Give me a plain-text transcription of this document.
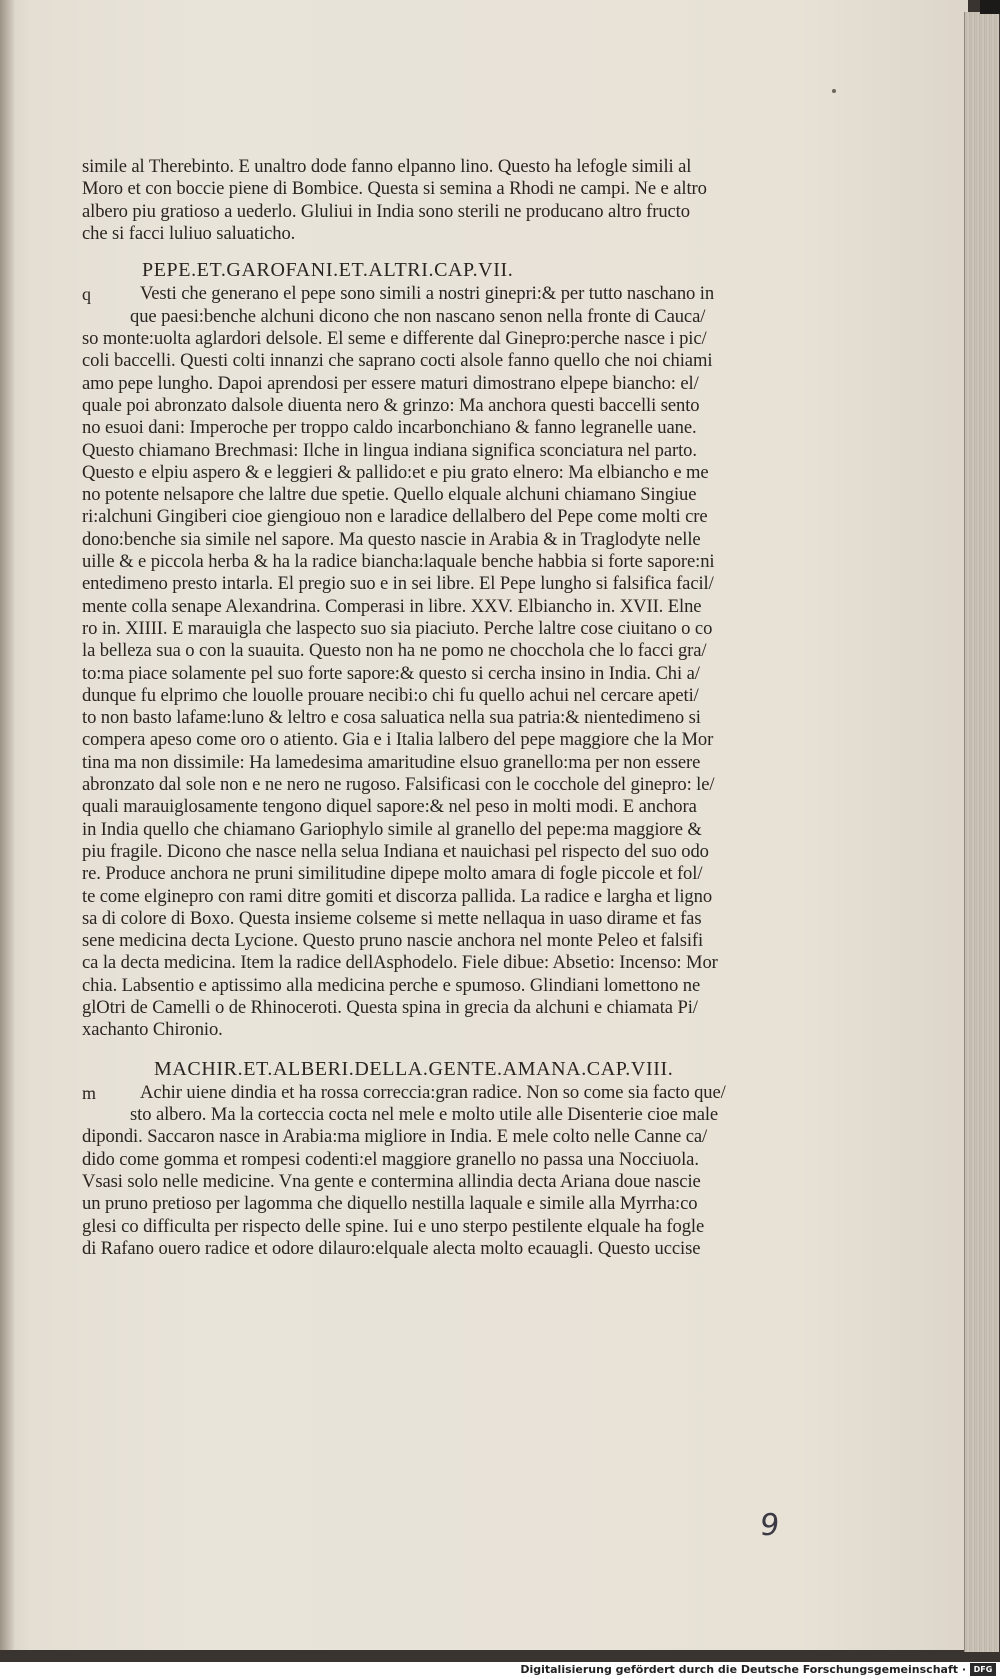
simile al Therebinto. E unaltro dode fanno elpanno lino. Questo ha lefogle simili al
Moro et con boccie piene di Bombice. Questa si semina a Rhodi ne campi. Ne e altro
albero piu gratioso a uederlo. Gluliui in India sono sterili ne producano altro fructo
che si facci luliuo saluaticho.
PEPE.ET.GAROFANI.ET.ALTRI.CAP.VII.
q	Vesti che generano el pepe sono simili a nostri ginepri:& per tutto naschano in
que paesi:benche alchuni dicono che non nascano senon nella fronte di Cauca/
so monte:uolta aglardori delsole. El seme e differente dal Ginepro:perche nasce i pic/
coli baccelli. Questi colti innanzi che saprano cocti alsole fanno quello che noi chiami
amo pepe lungho. Dapoi aprendosi per essere maturi dimostrano elpepe biancho: el/
quale poi abronzato dalsole diuenta nero & grinzo: Ma anchora questi baccelli sento
no esuoi dani: Imperoche per troppo caldo incarbonchiano & fanno legranelle uane.
Questo chiamano Brechmasi: Ilche in lingua indiana significa sconciatura nel parto.
Questo e elpiu aspero & e leggieri & pallido:et e piu grato elnero: Ma elbiancho e me
no potente nelsapore che laltre due spetie. Quello elquale alchuni chiamano Singiue
ri:alchuni Gingiberi cioe giengiouo non e laradice dellalbero del Pepe come molti cre
dono:benche sia simile nel sapore. Ma questo nascie in Arabia & in Traglodyte nelle
uille & e piccola herba & ha la radice biancha:laquale benche habbia si forte sapore:ni
entedimeno presto intarla. El pregio suo e in sei libre. El Pepe lungho si falsifica facil/
mente colla senape Alexandrina. Comperasi in libre. XXV. Elbiancho in. XVII. Elne
ro in. XIIII. E marauigla che laspecto suo sia piaciuto. Perche laltre cose ciuitano o co
la belleza sua o con la suauita. Questo non ha ne pomo ne chocchola che lo facci gra/
to:ma piace solamente pel suo forte sapore:& questo si cercha insino in India. Chi a/
dunque fu elprimo che louolle prouare necibi:o chi fu quello achui nel cercare apeti/
to non basto lafame:luno & leltro e cosa saluatica nella sua patria:& nientedimeno si
compera apeso come oro o atiento. Gia e i Italia lalbero del pepe maggiore che la Mor
tina ma non dissimile: Ha lamedesima amaritudine elsuo granello:ma per non essere
abronzato dal sole non e ne nero ne rugoso. Falsificasi con le cocchole del ginepro: le/
quali marauiglosamente tengono diquel sapore:& nel peso in molti modi. E anchora
in India quello che chiamano Gariophylo simile al granello del pepe:ma maggiore &
piu fragile. Dicono che nasce nella selua Indiana et nauichasi pel rispecto del suo odo
re. Produce anchora ne pruni similitudine dipepe molto amara di fogle piccole et fol/
te come elginepro con rami ditre gomiti et discorza pallida. La radice e largha et ligno
sa di colore di Boxo. Questa insieme colseme si mette nellaqua in uaso dirame et fas
sene medicina decta Lycione. Questo pruno nascie anchora nel monte Peleo et falsifi
ca la decta medicina. Item la radice dellAsphodelo. Fiele dibue: Absetio: Incenso: Mor
chia. Labsentio e aptissimo alla medicina perche e spumoso. Glindiani lomettono ne
glOtri de Camelli o de Rhinoceroti. Questa spina in grecia da alchuni e chiamata Pi/
xachanto Chironio.
MACHIR.ET.ALBERI.DELLA.GENTE.AMANA.CAP.VIII.
m	Achir uiene dindia et ha rossa correccia:gran radice. Non so come sia facto que/
sto albero. Ma la corteccia cocta nel mele e molto utile alle Disenterie cioe male
dipondi. Saccaron nasce in Arabia:ma migliore in India. E mele colto nelle Canne ca/
dido come gomma et rompesi codenti:el maggiore granello no passa una Nocciuola.
Vsasi solo nelle medicine. Vna gente e contermina allindia decta Ariana doue nascie
un pruno pretioso per lagomma che diquello nestilla laquale e simile alla Myrrha:co
glesi co difficulta per rispecto delle spine. Iui e uno sterpo pestilente elquale ha fogle
di Rafano ouero radice et odore dilauro:elquale alecta molto ecauagli. Questo uccise
9
Digitalisierung gefördert durch die Deutsche Forschungsgemeinschaft · DFG
